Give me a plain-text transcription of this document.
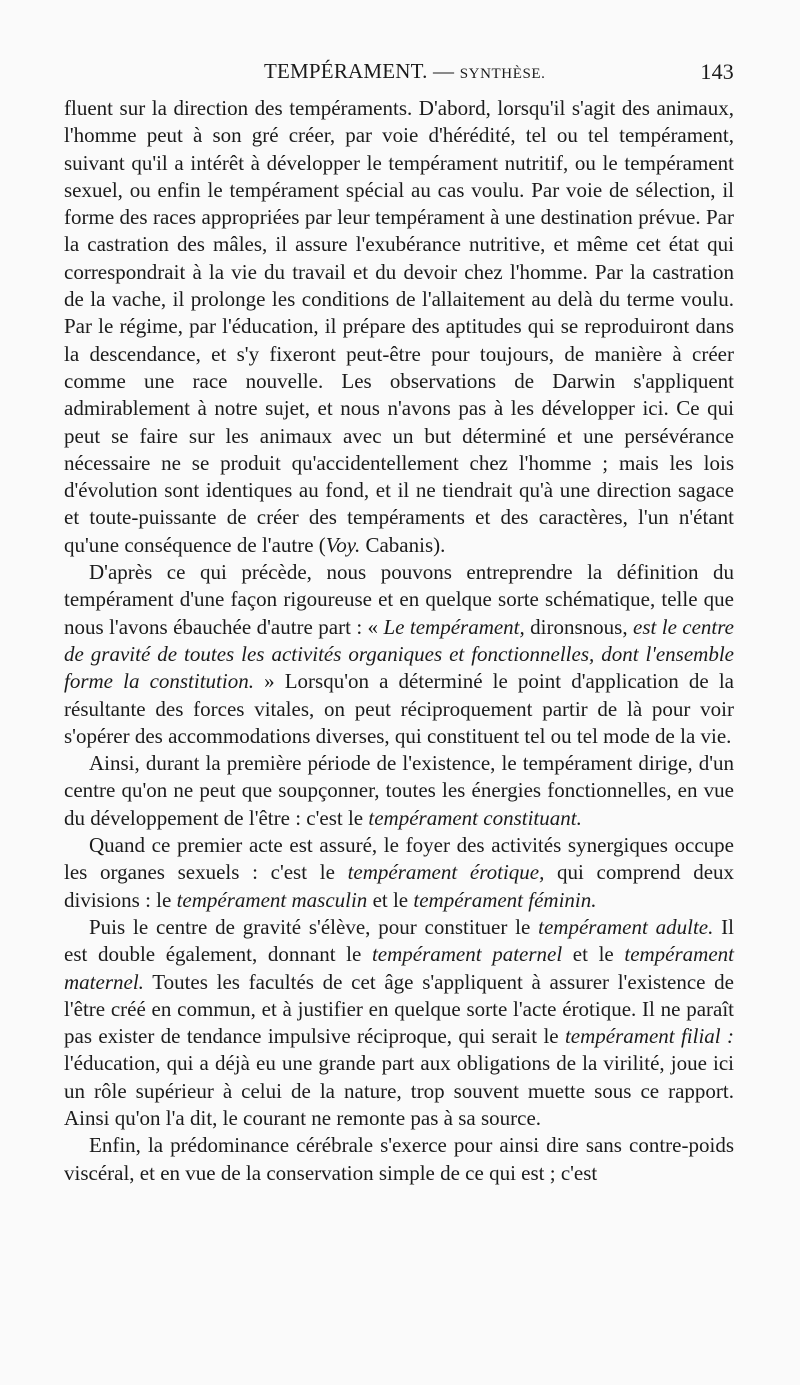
TEMPÉRAMENT. — SYNTHÈSE.	143

fluent sur la direction des tempéraments. D'abord, lorsqu'il s'agit des animaux, l'homme peut à son gré créer, par voie d'hérédité, tel ou tel tempérament, suivant qu'il a intérêt à développer le tempérament nutritif, ou le tempérament sexuel, ou enfin le tempérament spécial au cas voulu. Par voie de sélection, il forme des races appropriées par leur tempérament à une destination prévue. Par la castration des mâles, il assure l'exubérance nutritive, et même cet état qui correspondrait à la vie du travail et du devoir chez l'homme. Par la castration de la vache, il prolonge les conditions de l'allaitement au delà du terme voulu. Par le régime, par l'éducation, il prépare des aptitudes qui se reproduiront dans la descendance, et s'y fixeront peut-être pour toujours, de manière à créer comme une race nouvelle. Les observations de Darwin s'appliquent admirablement à notre sujet, et nous n'avons pas à les développer ici. Ce qui peut se faire sur les animaux avec un but déterminé et une persévérance nécessaire ne se produit qu'accidentellement chez l'homme ; mais les lois d'évolution sont identiques au fond, et il ne tiendrait qu'à une direction sagace et toute-puissante de créer des tempéraments et des caractères, l'un n'étant qu'une conséquence de l'autre (Voy. Cabanis).

D'après ce qui précède, nous pouvons entreprendre la définition du tempérament d'une façon rigoureuse et en quelque sorte schématique, telle que nous l'avons ébauchée d'autre part : « Le tempérament, dironsnous, est le centre de gravité de toutes les activités organiques et fonctionnelles, dont l'ensemble forme la constitution. » Lorsqu'on a déterminé le point d'application de la résultante des forces vitales, on peut réciproquement partir de là pour voir s'opérer des accommodations diverses, qui constituent tel ou tel mode de la vie.

Ainsi, durant la première période de l'existence, le tempérament dirige, d'un centre qu'on ne peut que soupçonner, toutes les énergies fonctionnelles, en vue du développement de l'être : c'est le tempérament constituant.

Quand ce premier acte est assuré, le foyer des activités synergiques occupe les organes sexuels : c'est le tempérament érotique, qui comprend deux divisions : le tempérament masculin et le tempérament féminin.

Puis le centre de gravité s'élève, pour constituer le tempérament adulte. Il est double également, donnant le tempérament paternel et le tempérament maternel. Toutes les facultés de cet âge s'appliquent à assurer l'existence de l'être créé en commun, et à justifier en quelque sorte l'acte érotique. Il ne paraît pas exister de tendance impulsive réciproque, qui serait le tempérament filial : l'éducation, qui a déjà eu une grande part aux obligations de la virilité, joue ici un rôle supérieur à celui de la nature, trop souvent muette sous ce rapport. Ainsi qu'on l'a dit, le courant ne remonte pas à sa source.

Enfin, la prédominance cérébrale s'exerce pour ainsi dire sans contre-poids viscéral, et en vue de la conservation simple de ce qui est ; c'est
